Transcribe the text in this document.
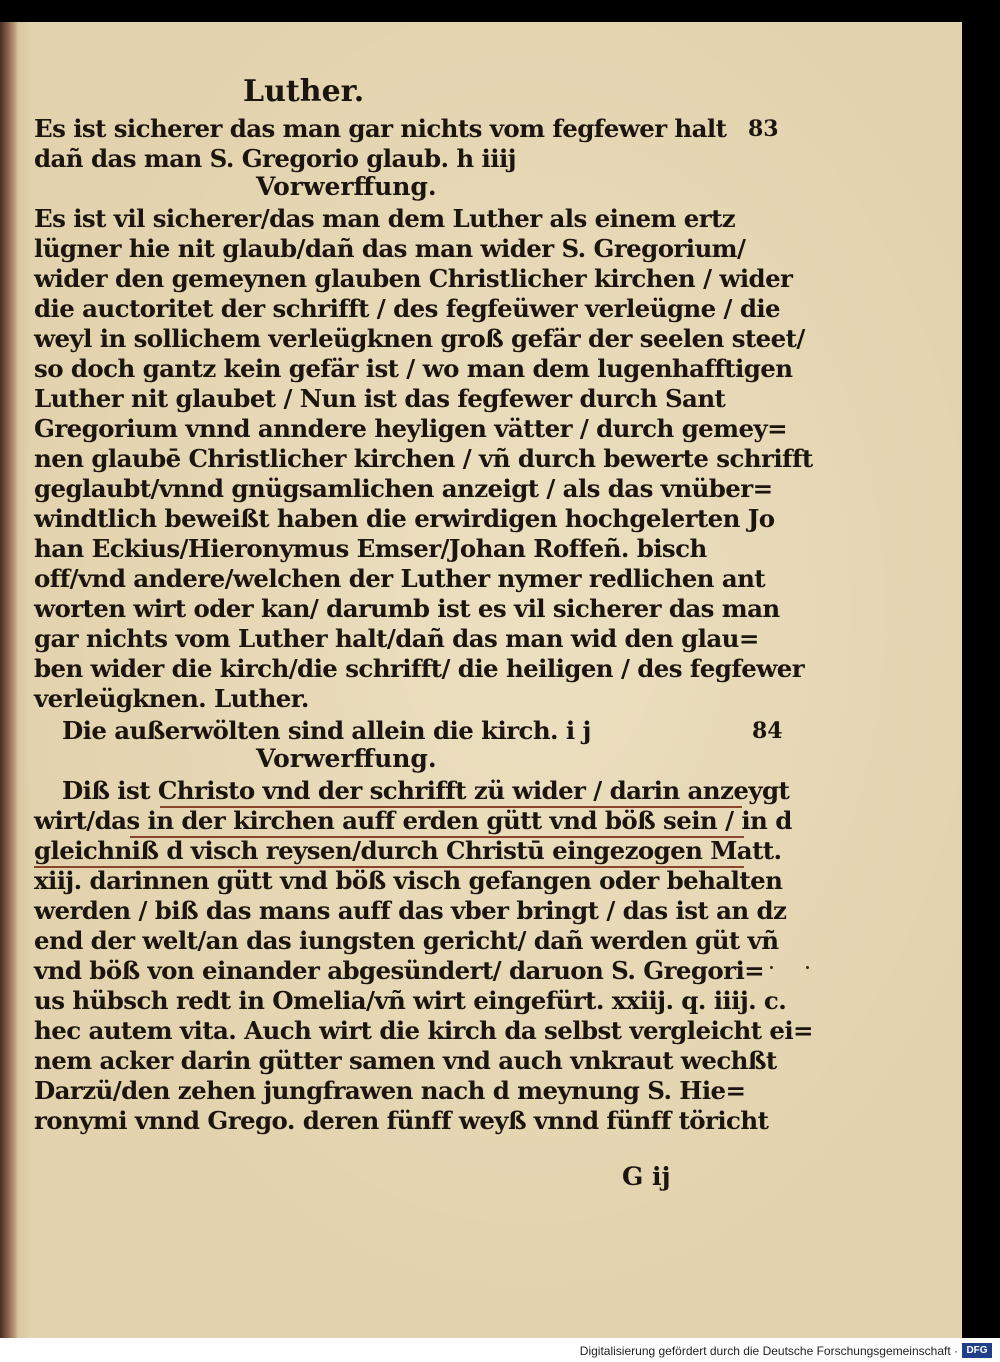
Luther.
83
Es ist sicherer das man gar nichts vom fegfewer halt
dañ das man S. Gregorio glaub. h iiij
Vorwerffung.
Es ist vil sicherer/das man dem Luther als einem ertz
lügner hie nit glaub/dañ das man wider S. Gregorium/
wider den gemeynen glauben Christlicher kirchen / wider
die auctoritet der schrifft / des fegfeüwer verleügne / die
weyl in sollichem verleügknen groß gefär der seelen steet/
so doch gantz kein gefär ist / wo man dem lugenhafftigen
Luther nit glaubet / Nun ist das fegfewer durch Sant
Gregorium vnnd anndere heyligen vätter / durch gemey=
nen glaubē Christlicher kirchen / vñ durch bewerte schrifft
geglaubt/vnnd gnügsamlichen anzeigt / als das vnüber=
windtlich beweißt haben die erwirdigen hochgelerten Jo
han Eckius/Hieronymus Emser/Johan Roffeñ. bisch
off/vnd andere/welchen der Luther nymer redlichen ant
worten wirt oder kan/ darumb ist es vil sicherer das man
gar nichts vom Luther halt/dañ das man wid den glau=
ben wider die kirch/die schrifft/ die heiligen / des fegfewer
verleügknen. Luther.
Die außerwölten sind allein die kirch. i j	84
Vorwerffung.
Diß ist Christo vnd der schrifft zü wider / darin anzeygt
wirt/das in der kirchen auff erden gütt vnd böß sein / in d
gleichniß d visch reysen/durch Christū eingezogen Matt.
xiij. darinnen gütt vnd böß visch gefangen oder behalten
werden / biß das mans auff das vber bringt / das ist an dz
end der welt/an das iungsten gericht/ dañ werden güt vñ
vnd böß von einander abgesündert/ daruon S. Gregori=
us hübsch redt in Omelia/vñ wirt eingefürt. xxiij. q. iiij. c.
hec autem vita. Auch wirt die kirch da selbst vergleicht ei=
nem acker darin gütter samen vnd auch vnkraut wechßt
Darzü/den zehen jungfrawen nach d meynung S. Hie=
ronymi vnnd Grego. deren fünff weyß vnnd fünff töricht
G ij
Digitalisierung gefördert durch die Deutsche Forschungsgemeinschaft · DFG
